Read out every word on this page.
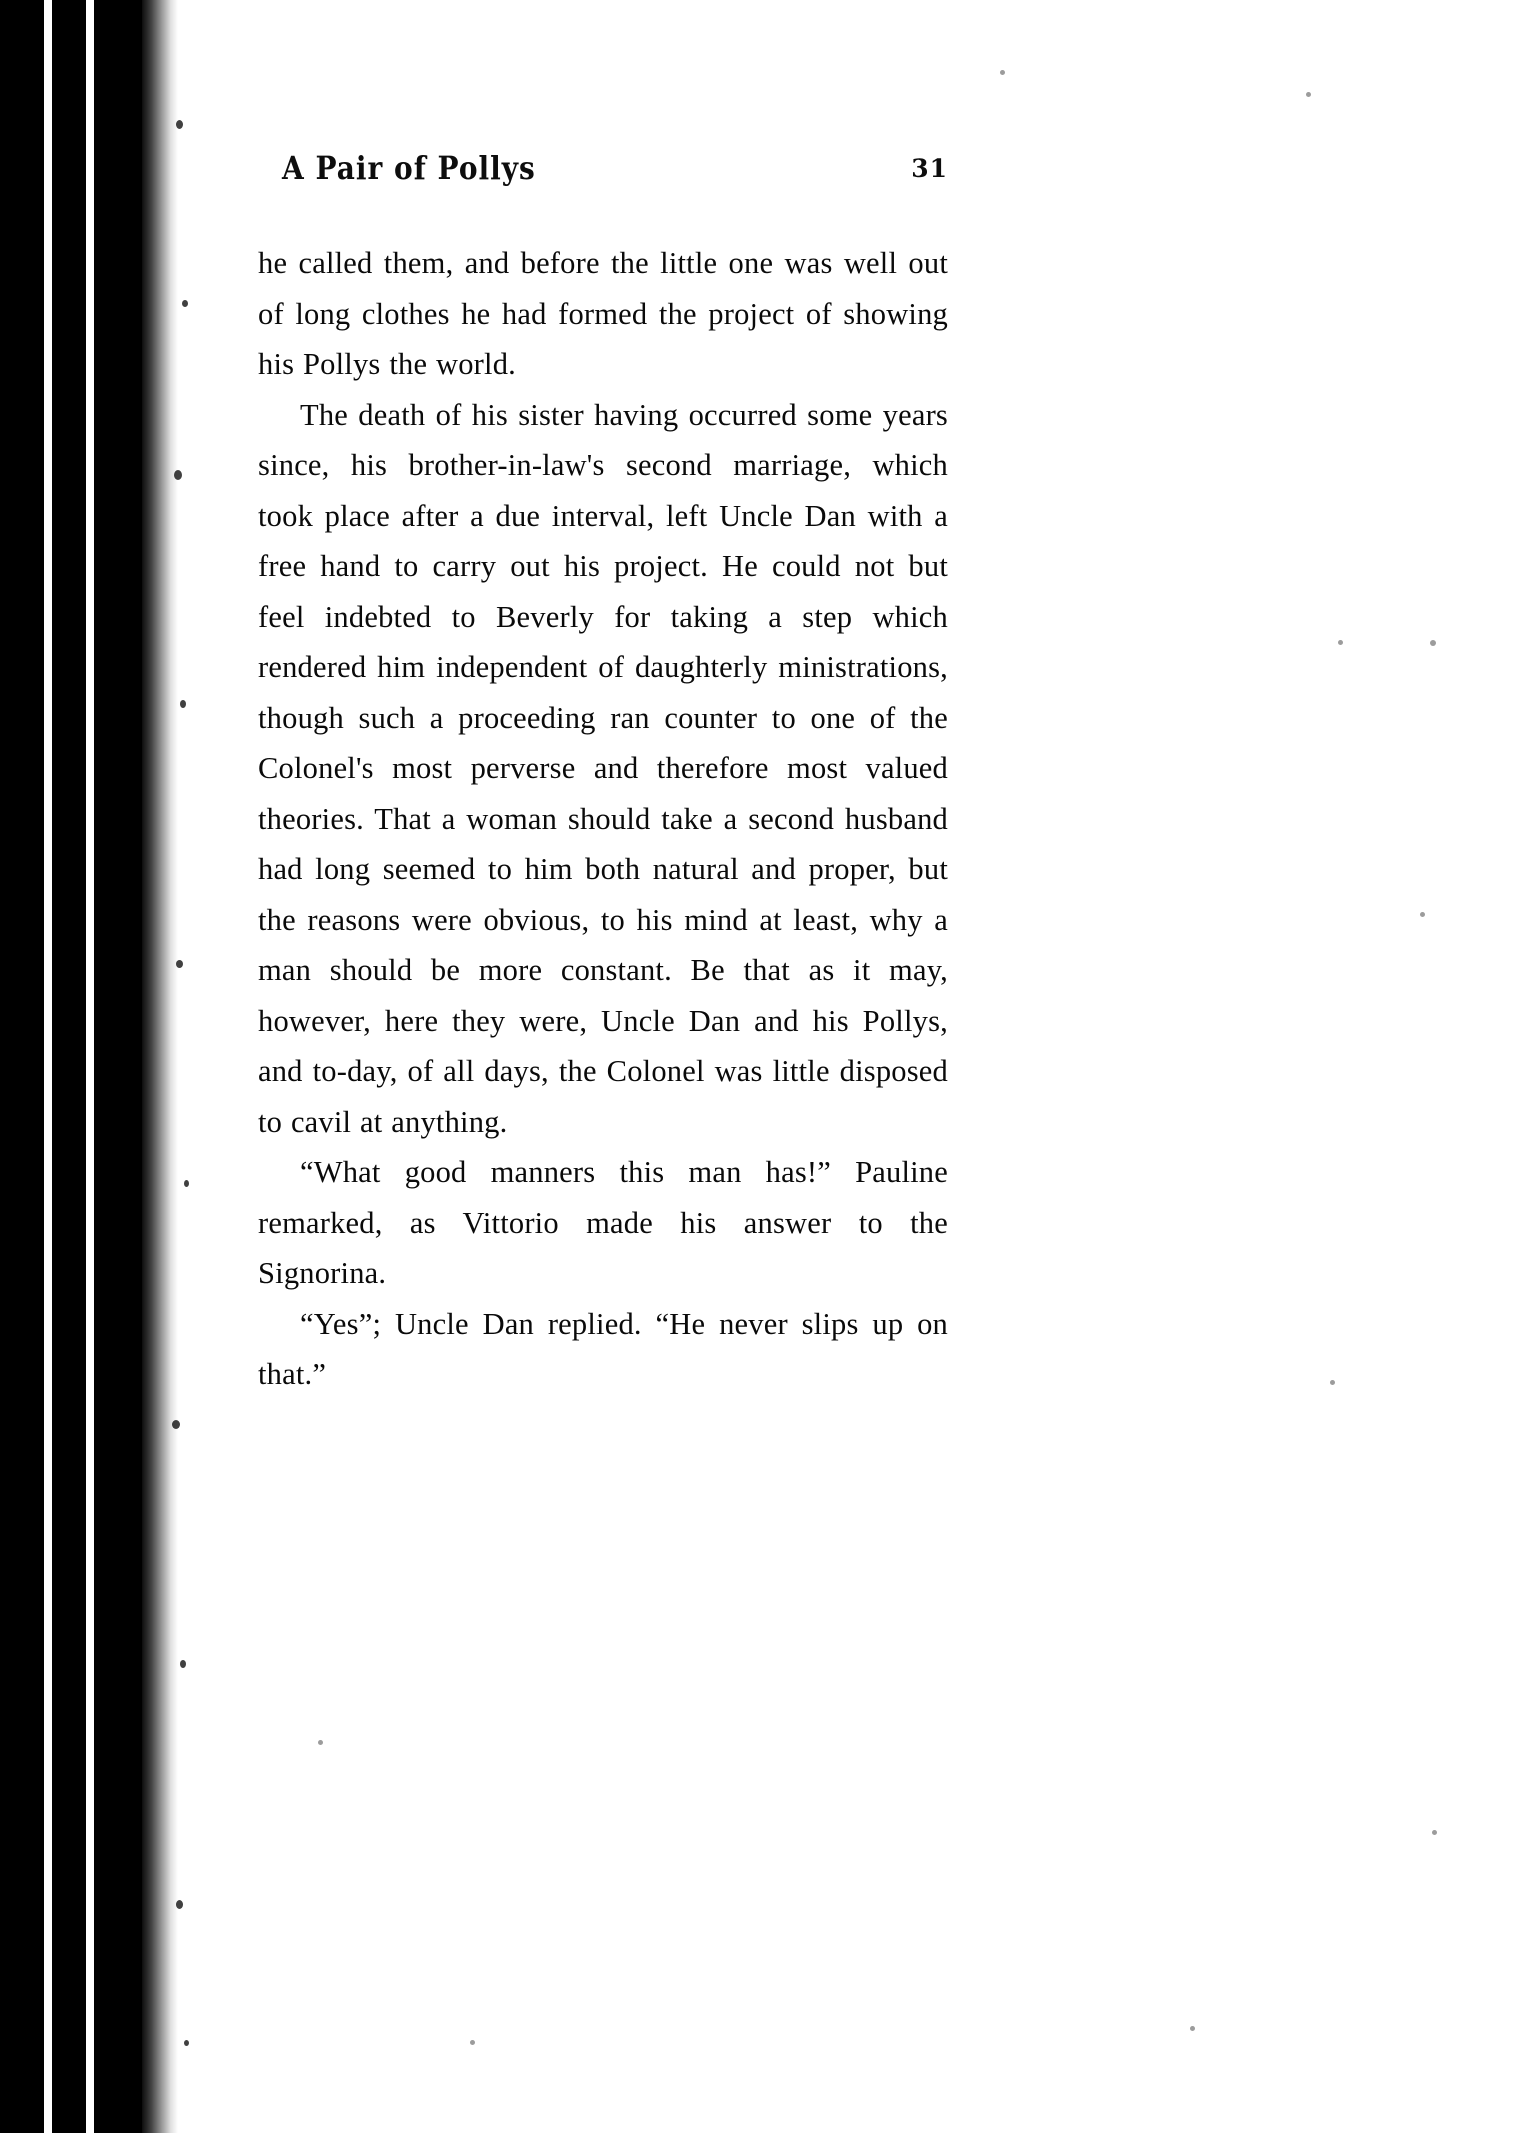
A Pair of Pollys	31

he called them, and before the little one was well out of long clothes he had formed the project of showing his Pollys the world.

The death of his sister having occurred some years since, his brother-in-law's second marriage, which took place after a due interval, left Uncle Dan with a free hand to carry out his project. He could not but feel indebted to Beverly for taking a step which rendered him independent of daughterly ministrations, though such a proceeding ran counter to one of the Colonel's most perverse and therefore most valued theories. That a woman should take a second husband had long seemed to him both natural and proper, but the reasons were obvious, to his mind at least, why a man should be more constant. Be that as it may, however, here they were, Uncle Dan and his Pollys, and to-day, of all days, the Colonel was little disposed to cavil at anything.

“What good manners this man has!” Pauline remarked, as Vittorio made his answer to the Signorina.

“Yes”; Uncle Dan replied. “He never slips up on that.”
